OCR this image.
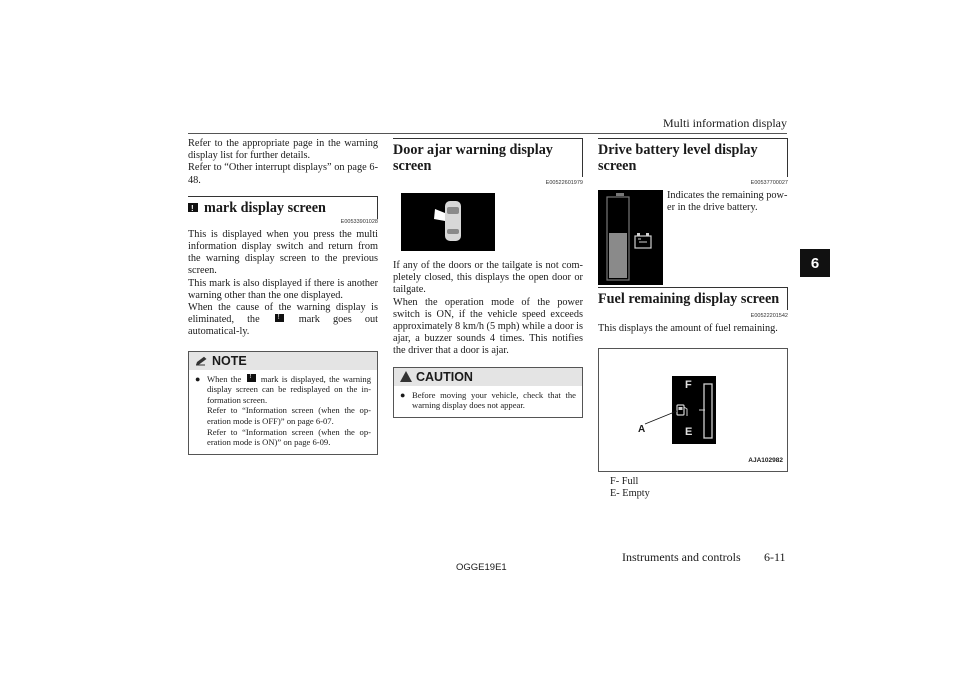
Multi information display
6

Refer to the appropriate page in the warning display list for further details.

Refer to “Other interrupt displays” on page 6-48.

!mark display screen
E00533901028

This is displayed when you press the multi information display switch and return from the warning display screen to the previous screen.

This mark is also displayed if there is another warning other than the one displayed.

When the cause of the warning display is eliminated, the !	mark goes out automatical-ly.

NOTE
● When the ! mark is displayed, the warning display screen can be redisplayed on the in-formation screen.
Refer to “Information screen (when the op-eration mode is OFF)” on page 6-07.
Refer to “Information screen (when the op-eration mode is ON)” on page 6-09.
Door ajar warning display screen
E00522601979

If any of the doors or the tailgate is not com-pletely closed, this displays the open door or tailgate.

When the operation mode of the power switch is ON, if the vehicle speed exceeds approximately 8 km/h (5 mph) while a door is ajar, a buzzer sounds 4 times. This notifies the driver that a door is ajar.

CAUTION
● Before moving your vehicle, check that the warning display does not appear.
Drive battery level display screen
E00537700027

Indicates the remaining pow-er in the drive battery.

Fuel remaining display screen
E00522201542

This displays the amount of fuel remaining.

F
E
A
AJA102982
F- Full
E- Empty
OGGE19E1
Instruments and controls 6-11
